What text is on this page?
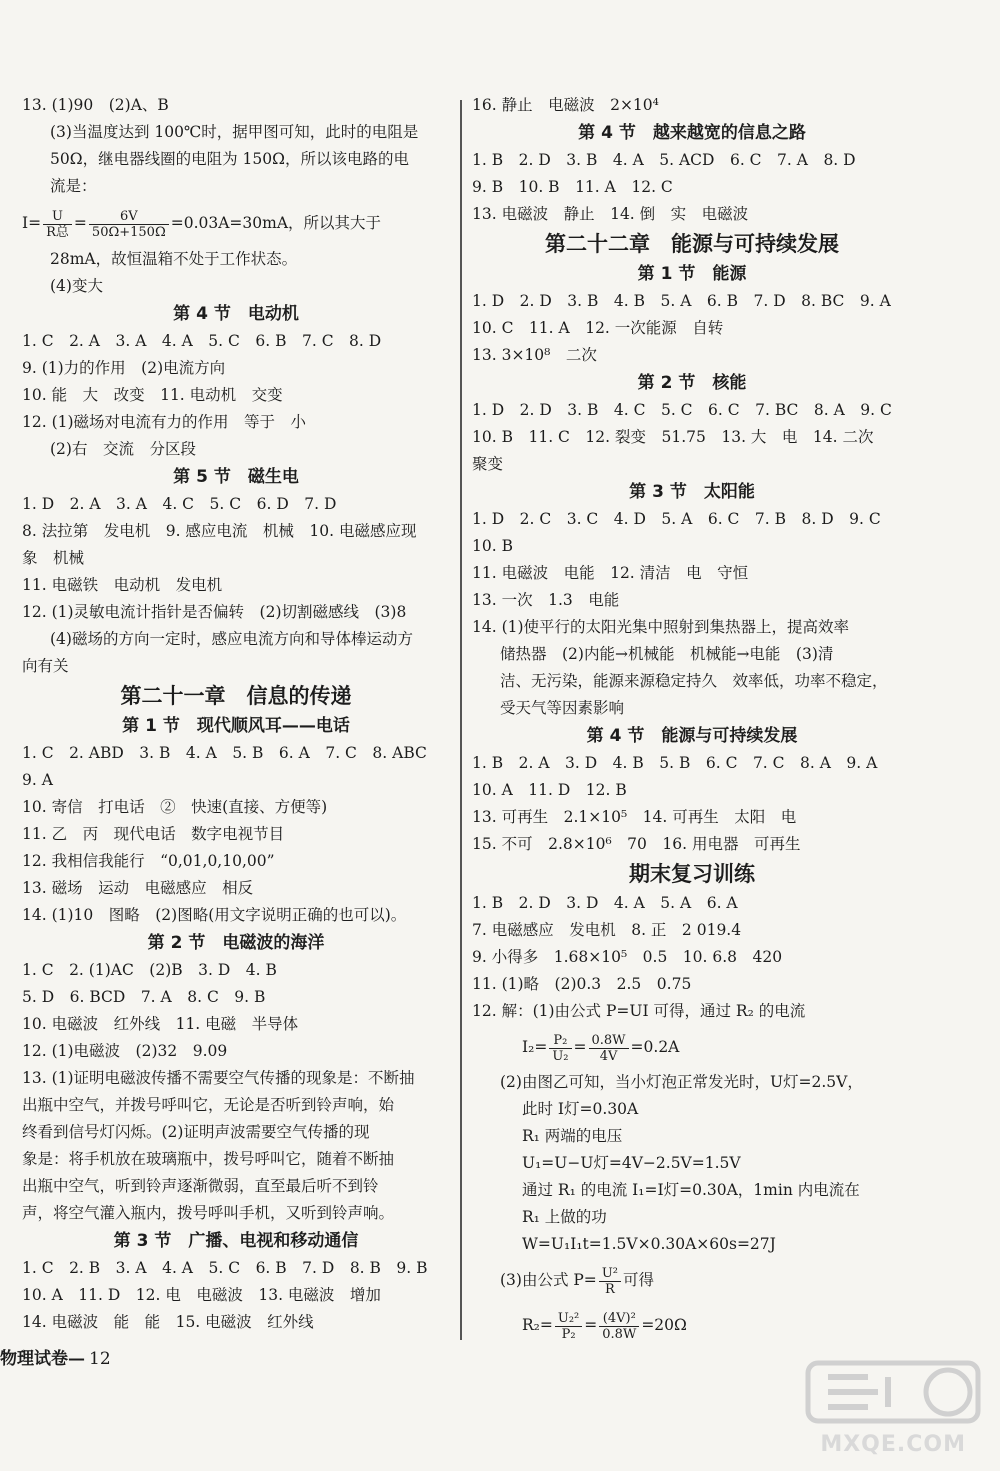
13. (1)90　(2)A、B
(3)当温度达到 100℃时，据甲图可知，此时的电阻是
50Ω，继电器线圈的电阻为 150Ω，所以该电路的电
流是：
$I= \frac{U}{\text{R总}} = \frac{6V}{50\Omega+150\Omega} =0.03A=30mA$，所以其大于
28mA，故恒温箱不处于工作状态。
(4)变大
第 4 节　电动机
1. C　2. A　3. A　4. A　5. C　6. B　7. C　8. D
9. (1)力的作用　(2)电流方向
10. 能　大　改变　11. 电动机　交变
12. (1)磁场对电流有力的作用　等于　小
(2)右　交流　分区段
第 5 节　磁生电
1. D　2. A　3. A　4. C　5. C　6. D　7. D
8. 法拉第　发电机　9. 感应电流　机械　10. 电磁感应现
象　机械
11. 电磁铁　电动机　发电机
12. (1)灵敏电流计指针是否偏转　(2)切割磁感线　(3)8
(4)磁场的方向一定时，感应电流方向和导体棒运动方
向有关
第二十一章　信息的传递
第 1 节　现代顺风耳——电话
1. C　2. ABD　3. B　4. A　5. B　6. A　7. C　8. ABC
9. A
10. 寄信　打电话　②　快速(直接、方便等)
11. 乙　丙　现代电话　数字电视节目
12. 我相信我能行　“0,01,0,10,00”
13. 磁场　运动　电磁感应　相反
14. (1)10　图略　(2)图略(用文字说明正确的也可以)。
第 2 节　电磁波的海洋
1. C　2. (1)AC　(2)B　3. D　4. B
5. D　6. BCD　7. A　8. C　9. B
10. 电磁波　红外线　11. 电磁　半导体
12. (1)电磁波　(2)32　9.09
13. (1)证明电磁波传播不需要空气传播的现象是：不断抽
出瓶中空气，并拨号呼叫它，无论是否听到铃声响，始
终看到信号灯闪烁。(2)证明声波需要空气传播的现
象是：将手机放在玻璃瓶中，拨号呼叫它，随着不断抽
出瓶中空气，听到铃声逐渐微弱，直至最后听不到铃
声，将空气灌入瓶内，拨号呼叫手机，又听到铃声响。
第 3 节　广播、电视和移动通信
1. C　2. B　3. A　4. A　5. C　6. B　7. D　8. B　9. B
10. A　11. D　12. 电　电磁波　13. 电磁波　增加
14. 电磁波　能　能　15. 电磁波　红外线
16. 静止　电磁波　2×10⁴
第 4 节　越来越宽的信息之路
1. B　2. D　3. B　4. A　5. ACD　6. C　7. A　8. D
9. B　10. B　11. A　12. C
13. 电磁波　静止　14. 倒　实　电磁波
第二十二章　能源与可持续发展
第 1 节　能源
1. D　2. D　3. B　4. B　5. A　6. B　7. D　8. BC　9. A
10. C　11. A　12. 一次能源　自转
13. 3×10⁸　二次
第 2 节　核能
1. D　2. D　3. B　4. C　5. C　6. C　7. BC　8. A　9. C
10. B　11. C　12. 裂变　51.75　13. 大　电　14. 二次
聚变
第 3 节　太阳能
1. D　2. C　3. C　4. D　5. A　6. C　7. B　8. D　9. C
10. B
11. 电磁波　电能　12. 清洁　电　守恒
13. 一次　1.3　电能
14. (1)使平行的太阳光集中照射到集热器上，提高效率
储热器　(2)内能→机械能　机械能→电能　(3)清
洁、无污染，能源来源稳定持久　效率低，功率不稳定，
受天气等因素影响
第 4 节　能源与可持续发展
1. B　2. A　3. D　4. B　5. B　6. C　7. C　8. A　9. A
10. A　11. D　12. B
13. 可再生　2.1×10⁵　14. 可再生　太阳　电
15. 不可　2.8×10⁶　70　16. 用电器　可再生
期末复习训练
1. B　2. D　3. D　4. A　5. A　6. A
7. 电磁感应　发电机　8. 正　2 019.4
9. 小得多　1.68×10⁵　0.5　10. 6.8　420
11. (1)略　(2)0.3　2.5　0.75
12. 解：(1)由公式 P=UI 可得，通过 R₂ 的电流
$I_2= \frac{\text{P₂}}{\text{U₂}} = \frac{0.8W}{4V} =0.2A$
(2)由图乙可知，当小灯泡正常发光时，U灯=2.5V，
此时 I灯=0.30A
R₁ 两端的电压
U₁=U−U灯=4V−2.5V=1.5V
通过 R₁ 的电流 I₁=I灯=0.30A，1min 内电流在
R₁ 上做的功
W=U₁I₁t=1.5V×0.30A×60s=27J
(3)由公式 $P= \frac{\text{U²}}{R}$ 可得
$R_2= \frac{\text{U₂²}}{\text{P₂}} = \frac{\text{(4V)²}}{0.8W} =20\Omega$
物理试卷— 12
MXQE.COM
